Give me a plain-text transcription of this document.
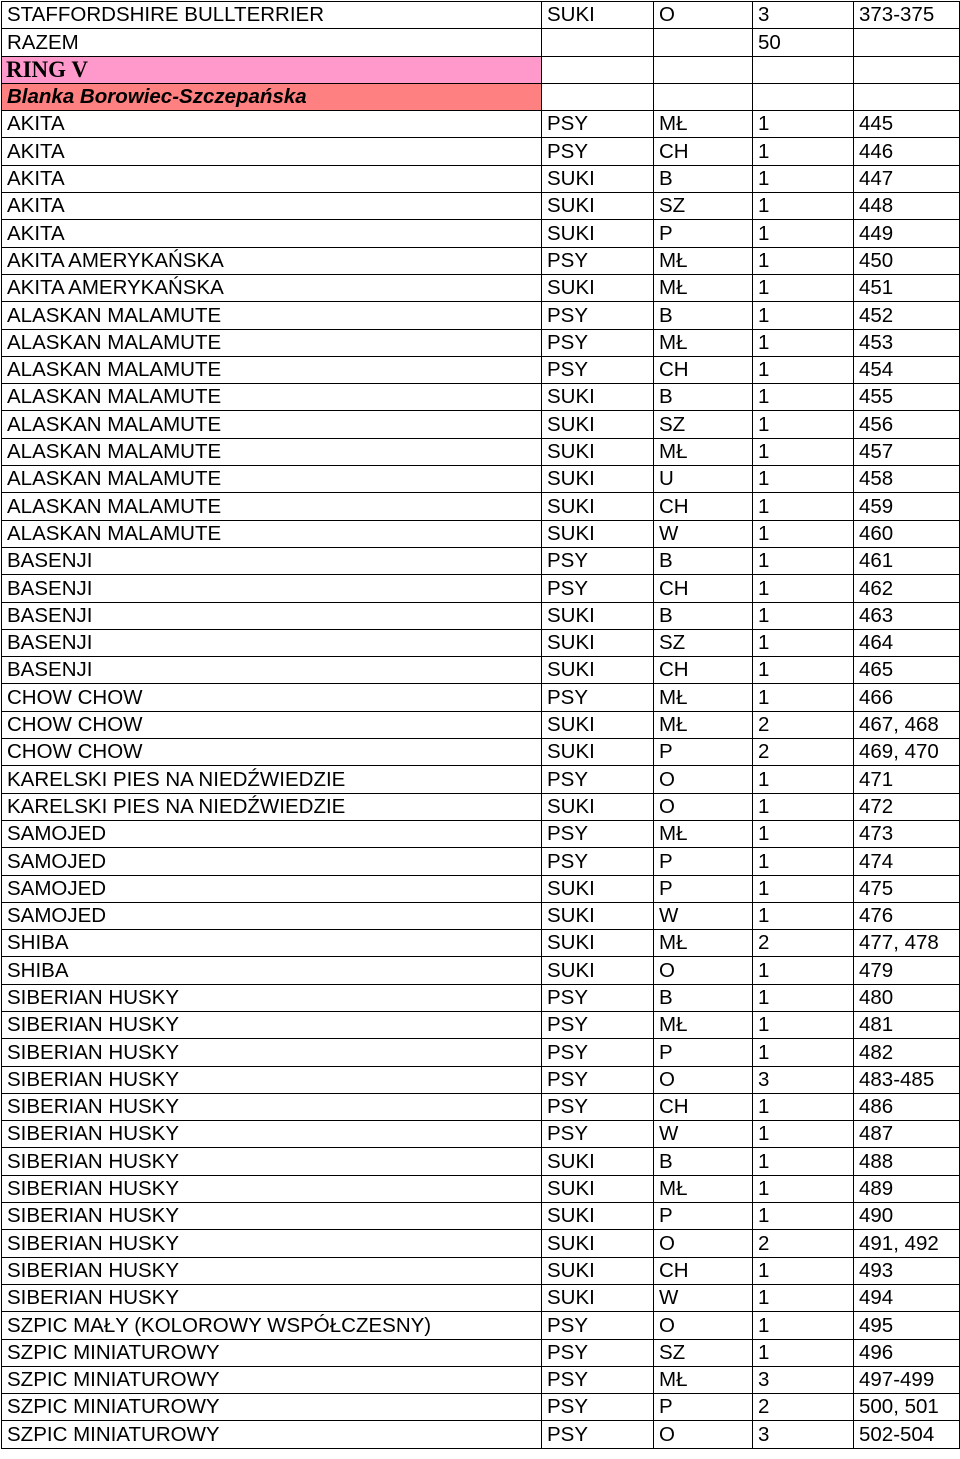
STAFFORDSHIRE BULLTERRIER	SUKI	O	3	373-375
RAZEM			50	
RING V				
Blanka Borowiec-Szczepańska				
AKITA	PSY	MŁ	1	445
AKITA	PSY	CH	1	446
AKITA	SUKI	B	1	447
AKITA	SUKI	SZ	1	448
AKITA	SUKI	P	1	449
AKITA AMERYKAŃSKA	PSY	MŁ	1	450
AKITA AMERYKAŃSKA	SUKI	MŁ	1	451
ALASKAN MALAMUTE	PSY	B	1	452
ALASKAN MALAMUTE	PSY	MŁ	1	453
ALASKAN MALAMUTE	PSY	CH	1	454
ALASKAN MALAMUTE	SUKI	B	1	455
ALASKAN MALAMUTE	SUKI	SZ	1	456
ALASKAN MALAMUTE	SUKI	MŁ	1	457
ALASKAN MALAMUTE	SUKI	U	1	458
ALASKAN MALAMUTE	SUKI	CH	1	459
ALASKAN MALAMUTE	SUKI	W	1	460
BASENJI	PSY	B	1	461
BASENJI	PSY	CH	1	462
BASENJI	SUKI	B	1	463
BASENJI	SUKI	SZ	1	464
BASENJI	SUKI	CH	1	465
CHOW CHOW	PSY	MŁ	1	466
CHOW CHOW	SUKI	MŁ	2	467, 468
CHOW CHOW	SUKI	P	2	469, 470
KARELSKI PIES NA NIEDŹWIEDZIE	PSY	O	1	471
KARELSKI PIES NA NIEDŹWIEDZIE	SUKI	O	1	472
SAMOJED	PSY	MŁ	1	473
SAMOJED	PSY	P	1	474
SAMOJED	SUKI	P	1	475
SAMOJED	SUKI	W	1	476
SHIBA	SUKI	MŁ	2	477, 478
SHIBA	SUKI	O	1	479
SIBERIAN HUSKY	PSY	B	1	480
SIBERIAN HUSKY	PSY	MŁ	1	481
SIBERIAN HUSKY	PSY	P	1	482
SIBERIAN HUSKY	PSY	O	3	483-485
SIBERIAN HUSKY	PSY	CH	1	486
SIBERIAN HUSKY	PSY	W	1	487
SIBERIAN HUSKY	SUKI	B	1	488
SIBERIAN HUSKY	SUKI	MŁ	1	489
SIBERIAN HUSKY	SUKI	P	1	490
SIBERIAN HUSKY	SUKI	O	2	491, 492
SIBERIAN HUSKY	SUKI	CH	1	493
SIBERIAN HUSKY	SUKI	W	1	494
SZPIC MAŁY (KOLOROWY WSPÓŁCZESNY)	PSY	O	1	495
SZPIC MINIATUROWY	PSY	SZ	1	496
SZPIC MINIATUROWY	PSY	MŁ	3	497-499
SZPIC MINIATUROWY	PSY	P	2	500, 501
SZPIC MINIATUROWY	PSY	O	3	502-504
